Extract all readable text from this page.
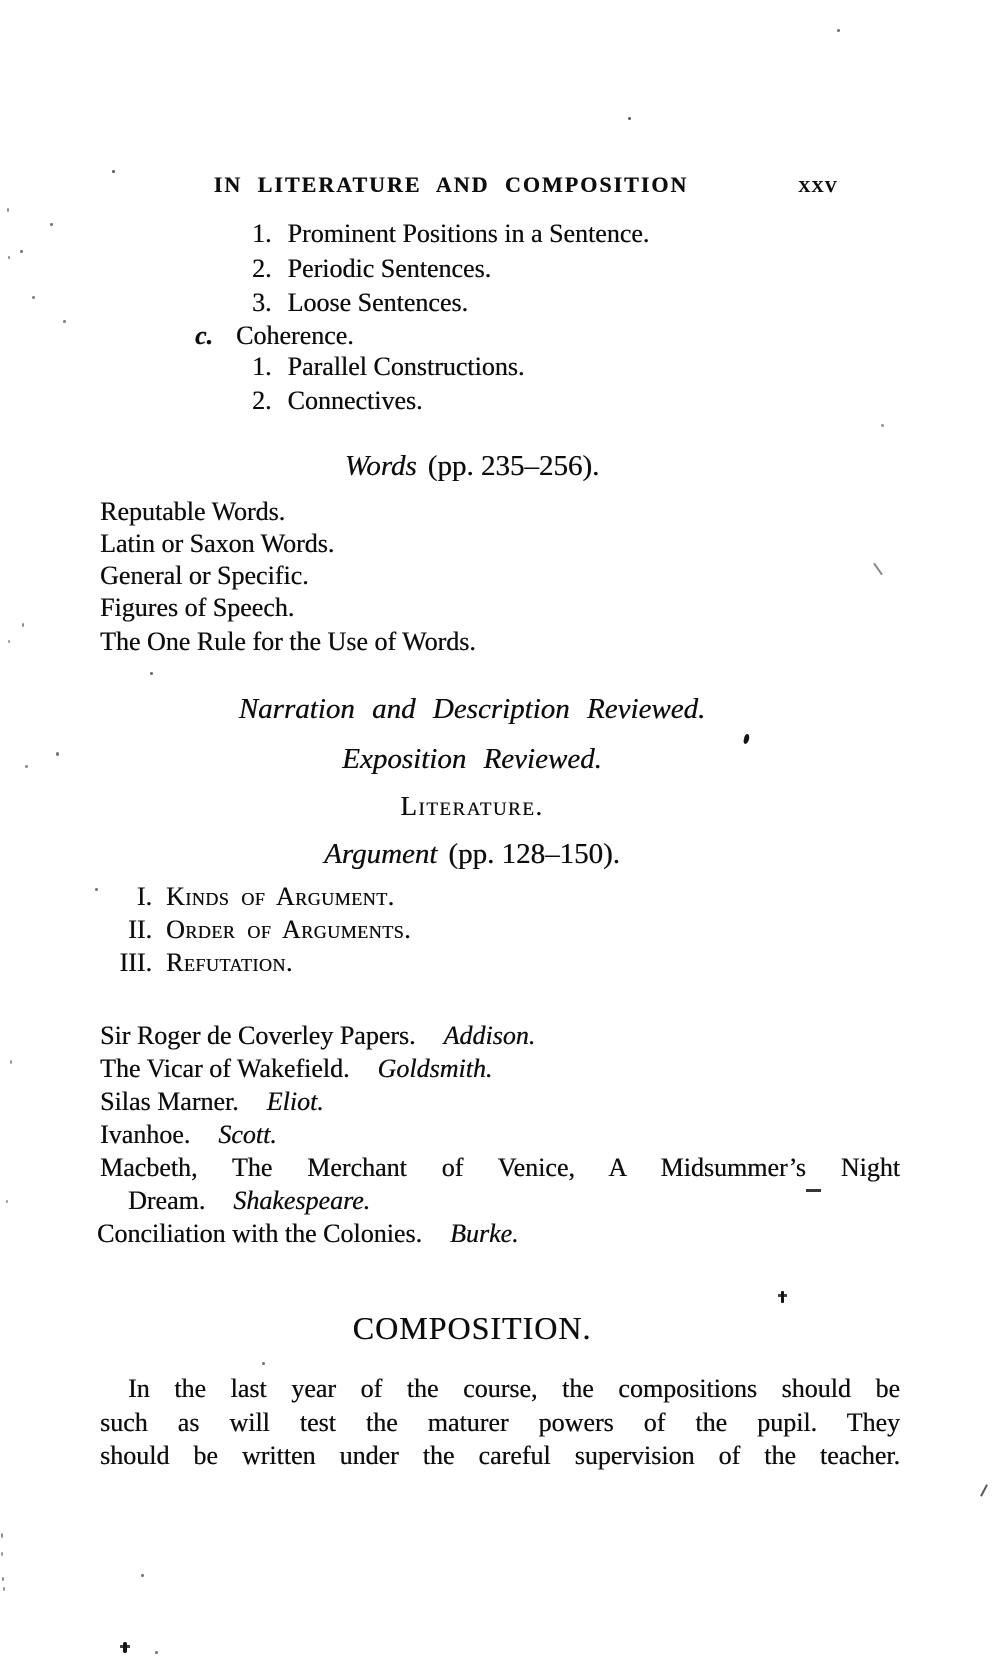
IN LITERATURE AND COMPOSITION	xxv
1. Prominent Positions in a Sentence.
2. Periodic Sentences.
3. Loose Sentences.
c. Coherence.
1. Parallel Constructions.
2. Connectives.
Words (pp. 235–256).
Reputable Words.
Latin or Saxon Words.
General or Specific.
Figures of Speech.
The One Rule for the Use of Words.
Narration and Description Reviewed.
Exposition Reviewed.
Literature.
Argument (pp. 128–150).
I. Kinds of Argument.
II. Order of Arguments.
III. Refutation.
Sir Roger de Coverley Papers. Addison.
The Vicar of Wakefield. Goldsmith.
Silas Marner. Eliot.
Ivanhoe. Scott.
Macbeth, The Merchant of Venice, A Midsummer’s Night
Dream. Shakespeare.
Conciliation with the Colonies. Burke.
COMPOSITION.
In the last year of the course, the compositions should be
such as will test the maturer powers of the pupil. They
should be written under the careful supervision of the teacher.
